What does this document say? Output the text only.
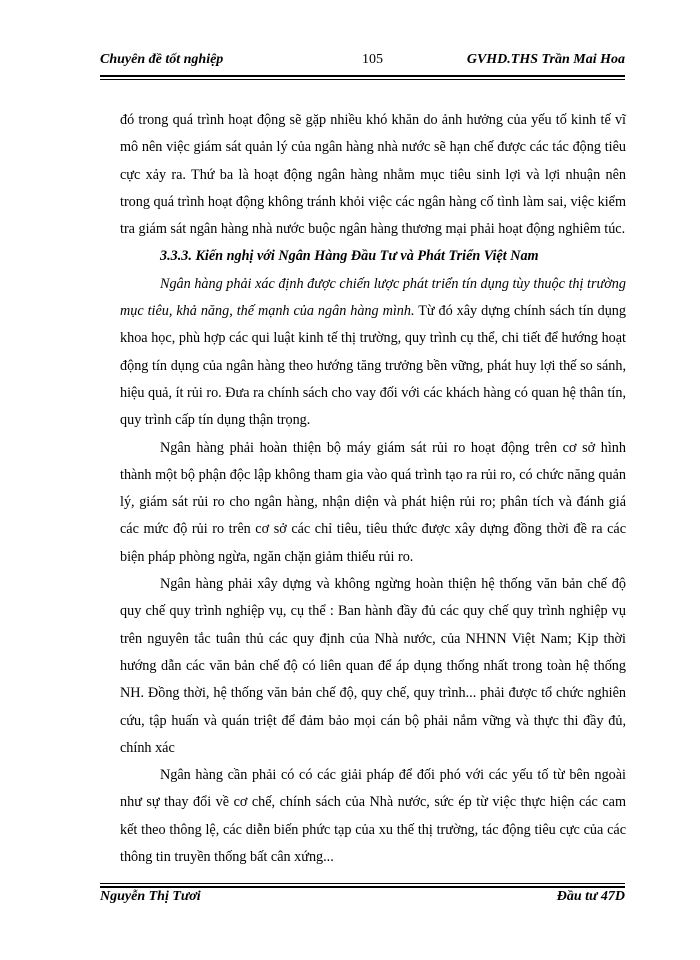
Chuyên đề tốt nghiệp	105	GVHD.THS Trần Mai Hoa

đó trong quá trình hoạt động sẽ gặp nhiều khó khăn do ảnh hưởng của yếu tố kinh tế vĩ mô nên việc giám sát quản lý của ngân hàng nhà nước sẽ hạn chế được các tác động tiêu cực xảy ra. Thứ ba là hoạt động ngân hàng nhằm mục tiêu sinh lợi và lợi nhuận nên trong quá trình hoạt động không tránh khỏi việc các ngân hàng cố tình làm sai, việc kiểm tra giám sát ngân hàng nhà nước buộc ngân hàng thương mại phải hoạt động nghiêm túc.

3.3.3. Kiến nghị với Ngân Hàng Đầu Tư và Phát Triển Việt Nam

Ngân hàng phải xác định được chiến lược phát triển tín dụng tùy thuộc thị trường mục tiêu, khả năng, thế mạnh của ngân hàng mình. Từ đó xây dựng chính sách tín dụng khoa học, phù hợp các qui luật kinh tế thị trường, quy trình cụ thể, chi tiết để hướng hoạt động tín dụng của ngân hàng theo hướng tăng trưởng bền vững, phát huy lợi thế so sánh, hiệu quả, ít rủi ro. Đưa ra chính sách cho vay đối với các khách hàng có quan hệ thân tín, quy trình cấp tín dụng thận trọng.

Ngân hàng phải hoàn thiện bộ máy giám sát rủi ro hoạt động trên cơ sở hình thành một bộ phận độc lập không tham gia vào quá trình tạo ra rủi ro, có chức năng quản lý, giám sát rủi ro cho ngân hàng, nhận diện và phát hiện rủi ro; phân tích và đánh giá các mức độ rủi ro trên cơ sở các chỉ tiêu, tiêu thức được xây dựng đồng thời đề ra các biện pháp phòng ngừa, ngăn chặn giảm thiểu rủi ro.

Ngân hàng phải xây dựng và không ngừng hoàn thiện hệ thống văn bản chế độ quy chế quy trình nghiệp vụ, cụ thể : Ban hành đầy đủ các quy chế quy trình nghiệp vụ trên nguyên tắc tuân thủ các quy định của Nhà nước, của NHNN Việt Nam; Kịp thời hướng dẫn các văn bản chế độ có liên quan để áp dụng thống nhất trong toàn hệ thống NH. Đồng thời, hệ thống văn bản chế độ, quy chế, quy trình... phải được tổ chức nghiên cứu, tập huấn và quán triệt để đảm bảo mọi cán bộ phải nắm vững và thực thi đầy đủ, chính xác

Ngân hàng cần phải có có các giải pháp để đối phó với các yếu tố từ bên ngoài như sự thay đổi về cơ chế, chính sách của Nhà nước, sức ép từ việc thực hiện các cam kết theo thông lệ, các diễn biến phức tạp của xu thế thị trường, tác động tiêu cực của các thông tin truyền thống bất cân xứng...

Nguyễn Thị Tươi	Đầu tư 47D
